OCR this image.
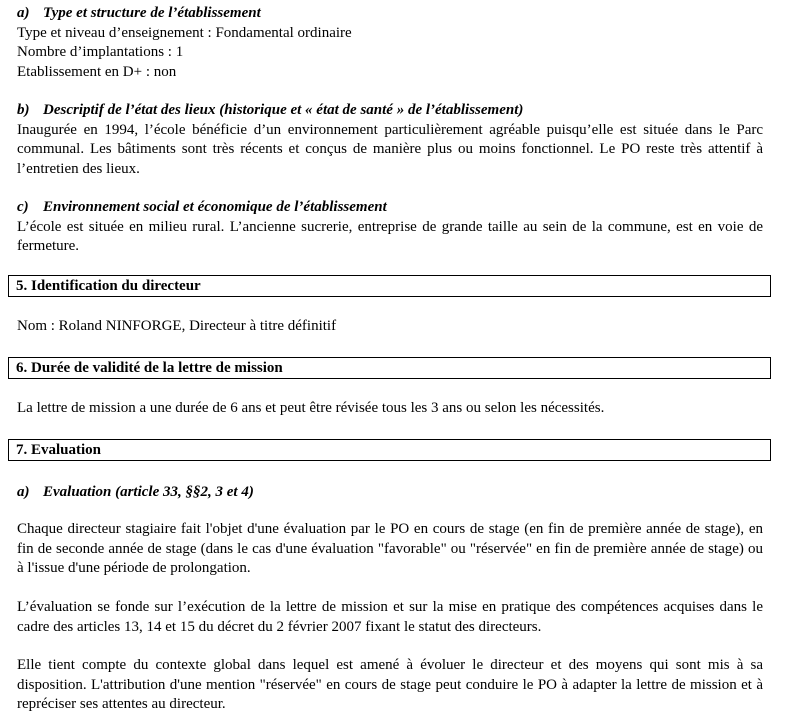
a) Type et structure de l’établissement
Type et niveau d’enseignement : Fondamental ordinaire
Nombre d’implantations : 1
Etablissement en D+ : non
b) Descriptif de l’état des lieux (historique et « état de santé » de l’établissement)
Inaugurée en 1994, l’école bénéficie d’un environnement particulièrement agréable puisqu’elle est située dans le Parc communal. Les bâtiments sont très récents et conçus de manière plus ou moins fonctionnel. Le PO reste très attentif à l’entretien des lieux.
c) Environnement social et économique de l’établissement
L’école est située en milieu rural. L’ancienne sucrerie, entreprise de grande taille au sein de la commune, est en voie de fermeture.
5. Identification du directeur
Nom : Roland NINFORGE, Directeur à titre définitif
6. Durée de validité de la lettre de mission
La lettre de mission a une durée de 6 ans et peut être révisée tous les 3 ans ou selon les nécessités.
7. Evaluation
a) Evaluation (article 33, §§2, 3 et 4)
Chaque directeur stagiaire fait l'objet d'une évaluation par le PO en cours de stage (en fin de première année de stage), en fin de seconde année de stage (dans le cas d'une évaluation "favorable" ou "réservée" en fin de première année de stage) ou à l'issue d'une période de prolongation.
L’évaluation se fonde sur l’exécution de la lettre de mission et sur la mise en pratique des compétences acquises dans le cadre des articles 13, 14 et 15 du décret du 2 février 2007 fixant le statut des directeurs.
Elle tient compte du contexte global dans lequel est amené à évoluer le directeur et des moyens qui sont mis à sa disposition. L'attribution d'une mention "réservée" en cours de stage peut conduire le PO à adapter la lettre de mission et à repréciser ses attentes au directeur.
